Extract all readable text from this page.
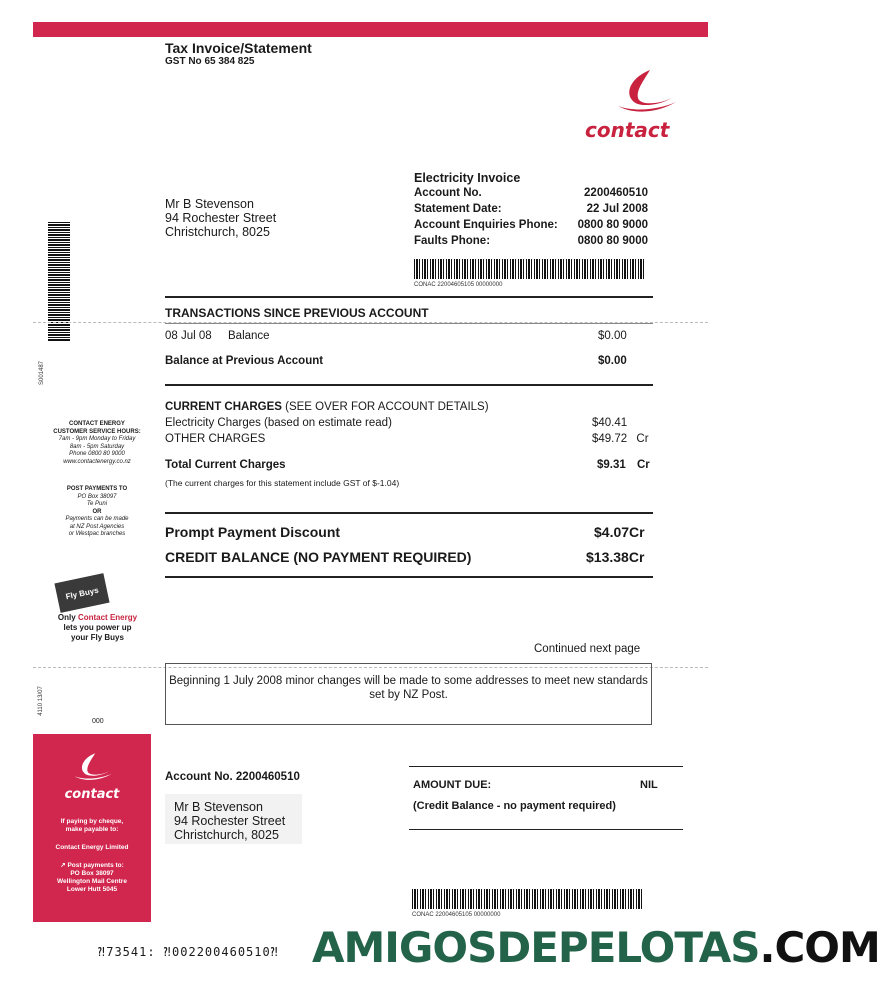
Tax Invoice/Statement
GST No 65 384 825
contact
Mr B Stevenson
94 Rochester Street
Christchurch, 8025
Electricity Invoice
Account No.	2200460510
Statement Date:	22 Jul 2008
Account Enquiries Phone: 0800 80 9000
Faults Phone:	0800 80 9000
CONAC 22004605105 00000000
S001487
TRANSACTIONS SINCE PREVIOUS ACCOUNT
08 Jul 08 Balance	$0.00
Balance at Previous Account	$0.00
CURRENT CHARGES (SEE OVER FOR ACCOUNT DETAILS)
Electricity Charges (based on estimate read)	$40.41
OTHER CHARGES	$49.72 Cr
Total Current Charges	$9.31 Cr
(The current charges for this statement include GST of $-1.04)
Prompt Payment Discount	$4.07Cr
CREDIT BALANCE (NO PAYMENT REQUIRED)	$13.38Cr
CONTACT ENERGY CUSTOMER SERVICE HOURS:
7am - 9pm Monday to Friday
8am - 5pm Saturday
Phone 0800 80 9000
www.contactenergy.co.nz
POST PAYMENTS TO
PO Box 38097
Te Puni
OR
Payments can be made
at NZ Post Agencies
or Westpac branches
Fly Buys
Only Contact Energy
lets you power up
your Fly Buys
4110 13/07
000
Continued next page
Beginning 1 July 2008 minor changes will be made to some addresses to meet new standards set by NZ Post.
contact
If paying by cheque,
make payable to:
Contact Energy Limited
↗ Post payments to:
PO Box 38097
Wellington Mail Centre
Lower Hutt 5045
Account No. 2200460510
Mr B Stevenson
94 Rochester Street
Christchurch, 8025
AMOUNT DUE:	NIL
(Credit Balance - no payment required)
CONAC 22004605105 00000000
⁈73541: ⁈002200460510⁈ AMIGOSDEPELOTAS.COM
